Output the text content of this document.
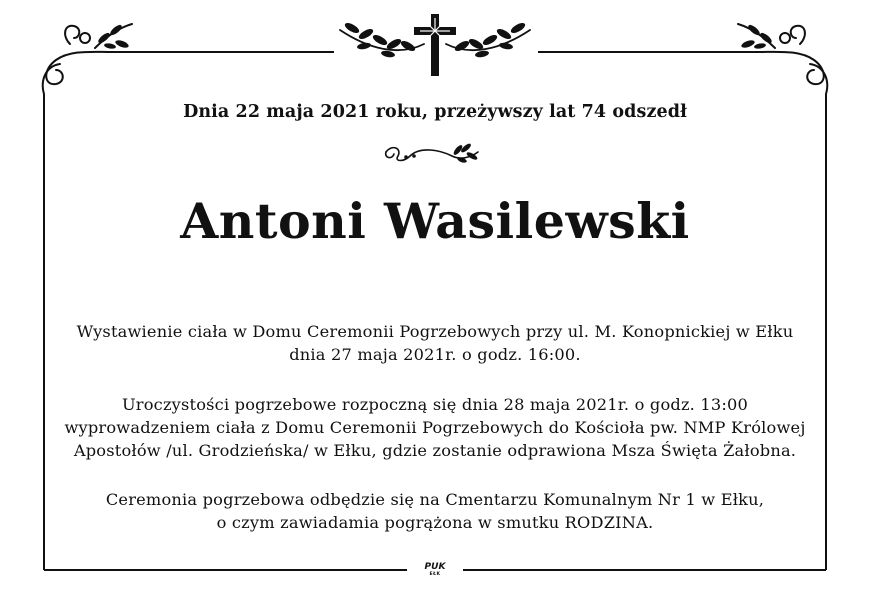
Dnia 22 maja 2021 roku, przeżywszy lat 74 odszedł
Antoni Wasilewski
Wystawienie ciała w Domu Ceremonii Pogrzebowych przy ul. M. Konopnickiej w Ełku
dnia 27 maja 2021r. o godz. 16:00.
Uroczystości pogrzebowe rozpoczną się dnia 28 maja 2021r. o godz. 13:00
wyprowadzeniem ciała z Domu Ceremonii Pogrzebowych do Kościoła pw. NMP Królowej
Apostołów /ul. Grodzieńska/ w Ełku, gdzie zostanie odprawiona Msza Święta Żałobna.
Ceremonia pogrzebowa odbędzie się na Cmentarzu Komunalnym Nr 1 w Ełku,
o czym zawiadamia pogrążona w smutku RODZINA.
PUK
EŁK
